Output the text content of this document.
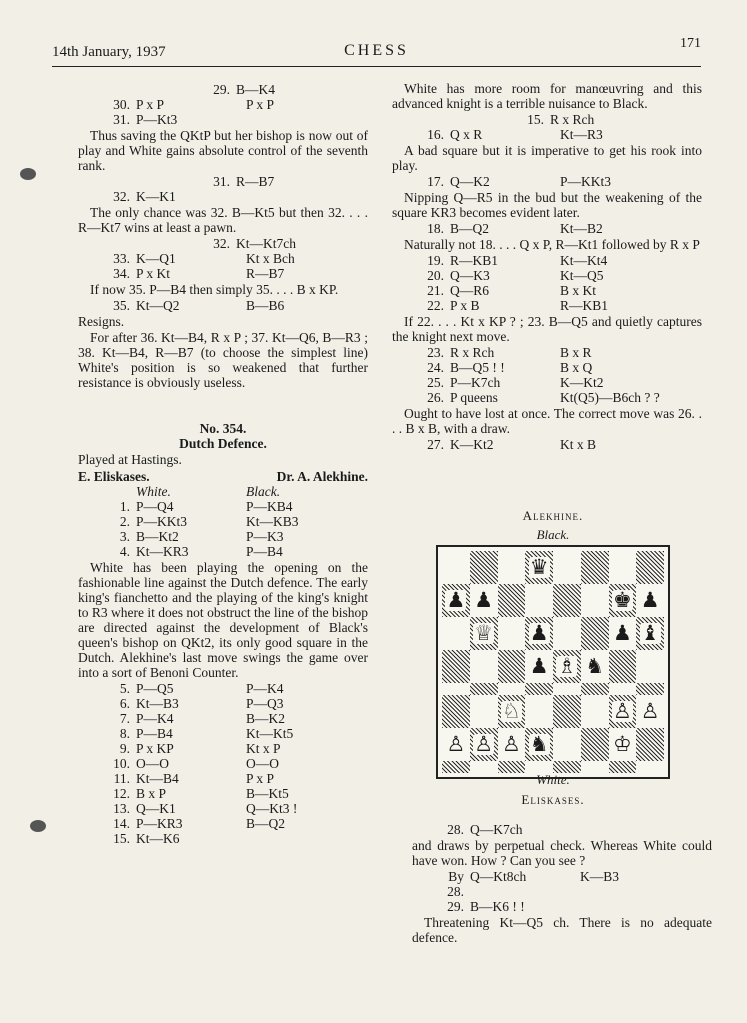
14th January, 1937	CHESS	171
29. B—K4
30. P x P	P x P
31. P—Kt3
Thus saving the QKtP but her bishop is now out of play and White gains absolute control of the seventh rank.
31. R—B7
32. K—K1
The only chance was 32. B—Kt5 but then 32. . . . R—Kt7 wins at least a pawn.
32. Kt—Kt7ch
33. K—Q1	Kt x Bch
34. P x Kt	R—B7
If now 35. P—B4 then simply 35. . . . B x KP.
35. Kt—Q2	B—B6
Resigns.
For after 36. Kt—B4, R x P ; 37. Kt—Q6, B—R3 ; 38. Kt—B4, R—B7 (to choose the simplest line) White's position is so weakened that further resistance is obviously useless.
No. 354.
Dutch Defence.
Played at Hastings.
E. Eliskases.	Dr. A. Alekhine.
White.	Black.
1. P—Q4	P—KB4
2. P—KKt3	Kt—KB3
3. B—Kt2	P—K3
4. Kt—KR3	P—B4
White has been playing the opening on the fashionable line against the Dutch defence. The early king's fianchetto and the playing of the king's knight to R3 where it does not obstruct the line of the bishop are directed against the development of Black's queen's bishop on QKt2, its only good square in the Dutch. Alekhine's last move swings the game over into a sort of Benoni Counter.
5. P—Q5	P—K4
6. Kt—B3	P—Q3
7. P—K4	B—K2
8. P—B4	Kt—Kt5
9. P x KP	Kt x P
10. O—O	O—O
11. Kt—B4	P x P
12. B x P	B—Kt5
13. Q—K1	Q—Kt3 !
14. P—KR3	B—Q2
15. Kt—K6
White has more room for manœuvring and this advanced knight is a terrible nuisance to Black.
15. R x Rch
16. Q x R	Kt—R3
A bad square but it is imperative to get his rook into play.
17. Q—K2	P—KKt3
Nipping Q—R5 in the bud but the weakening of the square KR3 becomes evident later.
18. B—Q2	Kt—B2
Naturally not 18. . . . Q x P, R—Kt1 followed by R x P
19. R—KB1	Kt—Kt4
20. Q—K3	Kt—Q5
21. Q—R6	B x Kt
22. P x B	R—KB1
If 22. . . . Kt x KP ? ; 23. B—Q5 and quietly captures the knight next move.
23. R x Rch	B x R
24. B—Q5 ! !	B x Q
25. P—K7ch	K—Kt2
26. P queens	Kt(Q5)—B6ch ? ?
Ought to have lost at once. The correct move was 26. . . . B x B, with a draw.
27. K—Kt2	Kt x B
Alekhine.
Black.
♛
♟ ♟	♚ ♟
♕ ♟	♟ ♝
♟ ♗ ♞
♘	♙ ♙
♙ ♙ ♙ ♞	♔
White.
Eliskases.
28. Q—K7ch
and draws by perpetual check. Whereas White could have won. How ? Can you see ?
By 28.
Q—Kt8ch	K—B3
29. B—K6 ! !
Threatening Kt—Q5 ch. There is no adequate defence.
